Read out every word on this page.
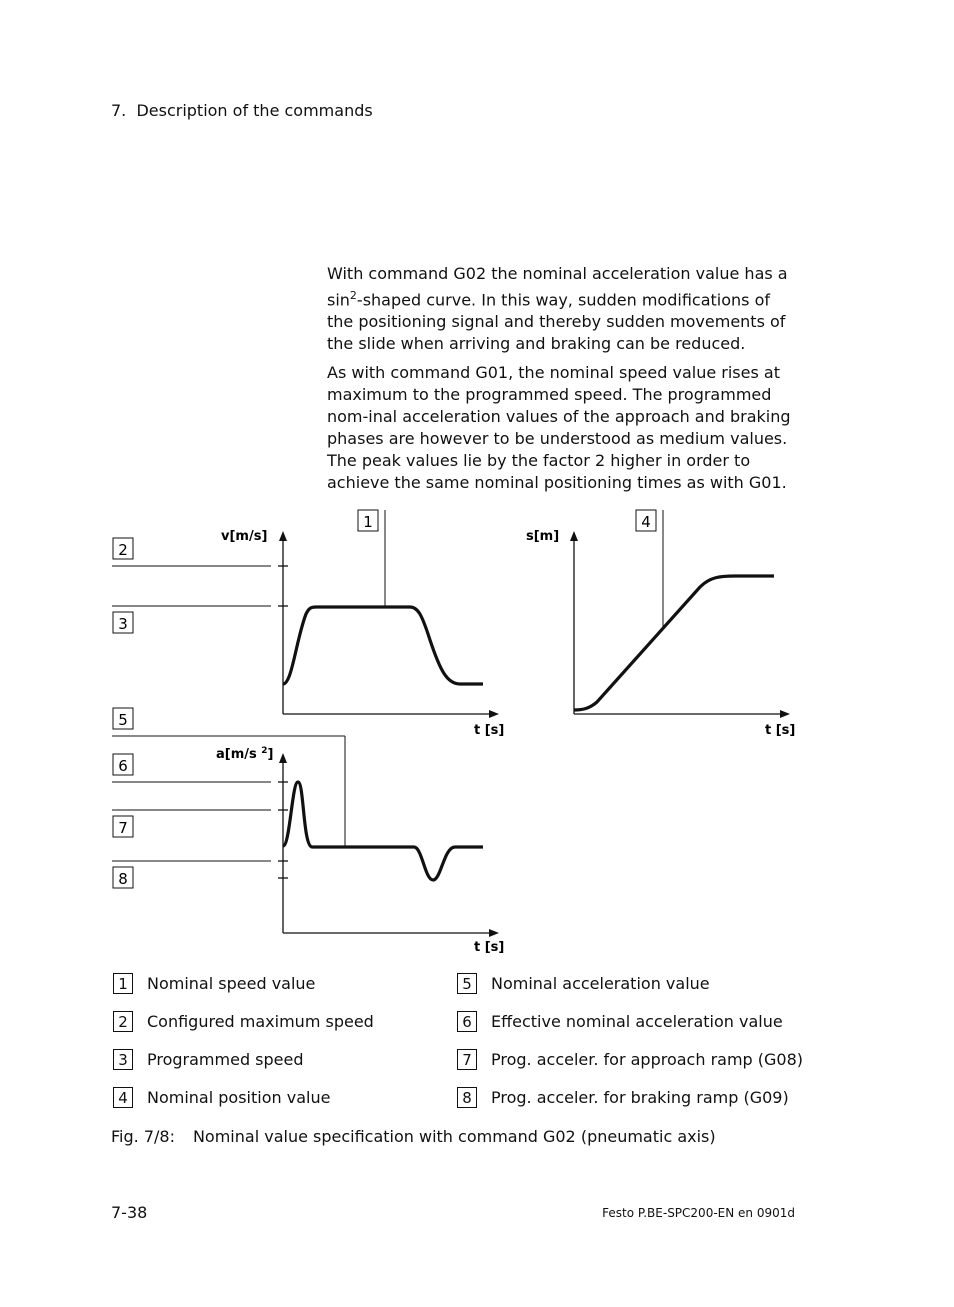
7. Description of the commands

With command G02 the nominal acceleration value has a $\sin^2$-shaped curve. In this way, sudden modifications of the positioning signal and thereby sudden movements of the slide when arriving and braking can be reduced.

As with command G01, the nominal speed value rises at maximum to the programmed speed. The programmed nom-inal acceleration values of the approach and braking phases are however to be understood as medium values. The peak values lie by the factor 2 higher in order to achieve the same nominal positioning times as with G01.

2
3
5
6
7
8
1	4
v[m/s]
t [s]
s[m]
t [s]
a[m/s $^2$]
t [s]
1	Nominal speed value
2	Configured maximum speed
3	Programmed speed
4	Nominal position value
5	Nominal acceleration value
6	Effective nominal acceleration value
7	Prog. acceler. for approach ramp (G08)
8	Prog. acceler. for braking ramp (G09)
Fig. 7/8: Nominal value specification with command G02 (pneumatic axis)
7-38	Festo P.BE-SPC200-EN en 0901d
